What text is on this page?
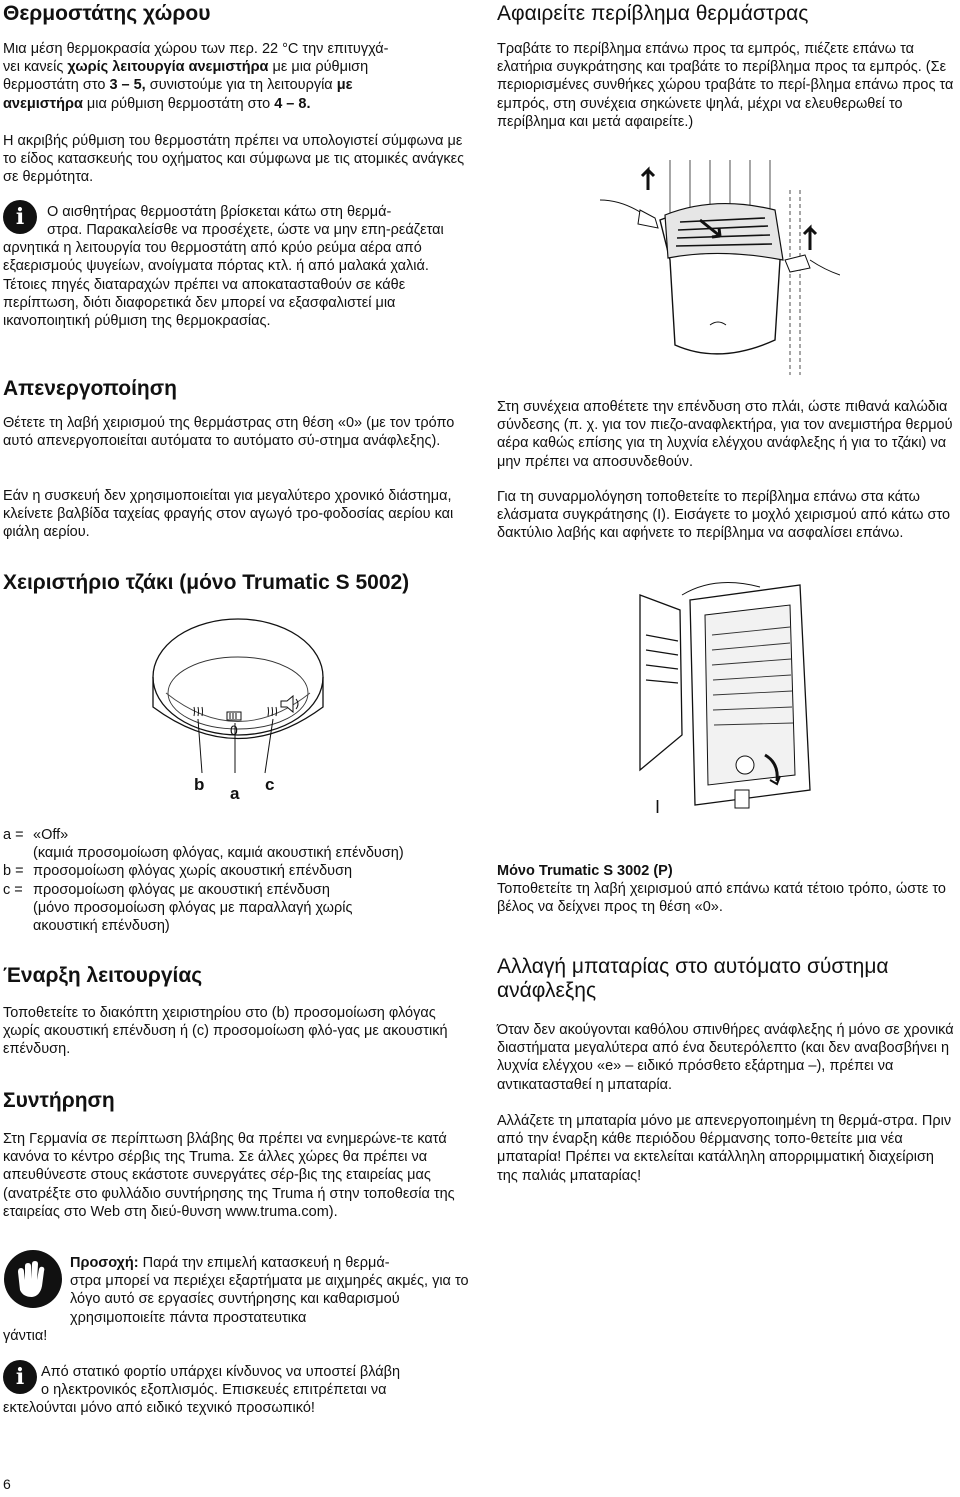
Θερμοστάτης χώρου

Μια μέση θερμοκρασία χώρου των περ. 22 °C την επιτυγχά-

νει κανείς χωρίς λειτουργία ανεμιστήρα με μια ρύθμιση

θερμοστάτη στο 3 – 5, συνιστούμε για τη λειτουργία με

ανεμιστήρα μια ρύθμιση θερμοστάτη στο 4 – 8.

Η ακριβής ρύθμιση του θερμοστάτη πρέπει να υπολογιστεί σύμφωνα με το είδος κατασκευής του οχήματος και σύμφωνα με τις ατομικές ανάγκες σε θερμότητα.

i	Ο αισθητήρας θερμοστάτη βρίσκεται κάτω στη θερμά-

στρα. Παρακαλείσθε να προσέχετε, ώστε να μην επη-ρεάζεται αρνητικά η λειτουργία του θερμοστάτη από κρύο ρεύμα αέρα από εξαερισμούς ψυγείων, ανοίγματα πόρτας κτλ. ή από μαλακά χαλιά. Τέτοιες πηγές διαταραχών πρέπει να αποκατασταθούν σε κάθε περίπτωση, διότι διαφορετικά δεν μπορεί να εξασφαλιστεί μια ικανοποιητική ρύθμιση της θερμοκρασίας.

Απενεργοποίηση

Θέτετε τη λαβή χειρισμού της θερμάστρας στη θέση «0» (με τον τρόπο αυτό απενεργοποιείται αυτόματα το αυτόματο σύ-στημα ανάφλεξης).

Εάν η συσκευή δεν χρησιμοποιείται για μεγαλύτερο χρονικό διάστημα, κλείνετε βαλβίδα ταχείας φραγής στον αγωγό τρο-φοδοσίας αερίου και φιάλη αερίου.

Χειριστήριο τζάκι (μόνο Trumatic S 5002)
0
b a c
a = «Off»
(καμιά προσομοίωση φλόγας, καμιά ακουστική επένδυση)
b = προσομοίωση φλόγας χωρίς ακουστική επένδυση
c = προσομοίωση φλόγας με ακουστική επένδυση
(μόνο προσομοίωση φλόγας με παραλλαγή χωρίς
ακουστική επένδυση)
Έναρξη λειτουργίας

Τοποθετείτε το διακόπτη χειριστηρίου στο (b) προσομοίωση φλόγας χωρίς ακουστική επένδυση ή (c) προσομοίωση φλό-γας με ακουστική επένδυση.

Συντήρηση

Στη Γερμανία σε περίπτωση βλάβης θα πρέπει να ενημερώνε-τε κατά κανόνα το κέντρο σέρβις της Truma. Σε άλλες χώρες θα πρέπει να απευθύνεστε στους εκάστοτε συνεργάτες σέρ-βις της εταιρείας μας (ανατρέξτε στο φυλλάδιο συντήρησης της Truma ή στην τοποθεσία της εταιρείας στο Web στη διεύ-θυνση www.truma.com).

Προσοχή: Παρά την επιμελή κατασκευή η θερμά-

στρα μπορεί να περιέχει εξαρτήματα με αιχμηρές ακμές, για το λόγο αυτό σε εργασίες συντήρησης και καθαρισμού χρησιμοποιείτε πάντα προστατευτικα

γάντια!

i	Από στατικό φορτίο υπάρχει κίνδυνος να υποστεί βλάβη

ο ηλεκτρονικός εξοπλισμός. Επισκευές επιτρέπεται να

εκτελούνται μόνο από ειδικό τεχνικό προσωπικό!

6
Αφαιρείτε περίβλημα θερμάστρας

Τραβάτε το περίβλημα επάνω προς τα εμπρός, πιέζετε επάνω τα ελατήρια συγκράτησης και τραβάτε το περίβλημα προς τα εμπρός. (Σε περιορισμένες συνθήκες χώρου τραβάτε το περί-βλημα επάνω προς τα εμπρός, στη συνέχεια σηκώνετε ψηλά, μέχρι να ελευθερωθεί το περίβλημα και μετά αφαιρείτε.)

Στη συνέχεια αποθέτετε την επένδυση στο πλάι, ώστε πιθανά καλώδια σύνδεσης (π. χ. για τον πιεζο-αναφλεκτήρα, για τον ανεμιστήρα θερμού αέρα καθώς επίσης για τη λυχνία ελέγχου ανάφλεξης ή για το τζάκι) να μην πρέπει να αποσυνδεθούν.

Για τη συναρμολόγηση τοποθετείτε το περίβλημα επάνω στα κάτω ελάσματα συγκράτησης (I). Εισάγετε το μοχλό χειρισμού από κάτω στο δακτύλιο λαβής και αφήνετε το περίβλημα να ασφαλίσει επάνω.

I

Μόνο Trumatic S 3002 (P)

Τοποθετείτε τη λαβή χειρισμού από επάνω κατά τέτοιο τρόπο, ώστε το βέλος να δείχνει προς τη θέση «0».

Αλλαγή μπαταρίας στο αυτόματο σύστημα ανάφλεξης

Όταν δεν ακούγονται καθόλου σπινθήρες ανάφλεξης ή μόνο σε χρονικά διαστήματα μεγαλύτερα από ένα δευτερόλεπτο (και δεν αναβοσβήνει η λυχνία ελέγχου «e» – ειδικό πρόσθετο εξάρτημα –), πρέπει να αντικατασταθεί η μπαταρία.

Αλλάζετε τη μπαταρία μόνο με απενεργοποιημένη τη θερμά-στρα. Πριν από την έναρξη κάθε περιόδου θέρμανσης τοπο-θετείτε μια νέα μπαταρία! Πρέπει να εκτελείται κατάλληλη απορριμματική διαχείριση της παλιάς μπαταρίας!
